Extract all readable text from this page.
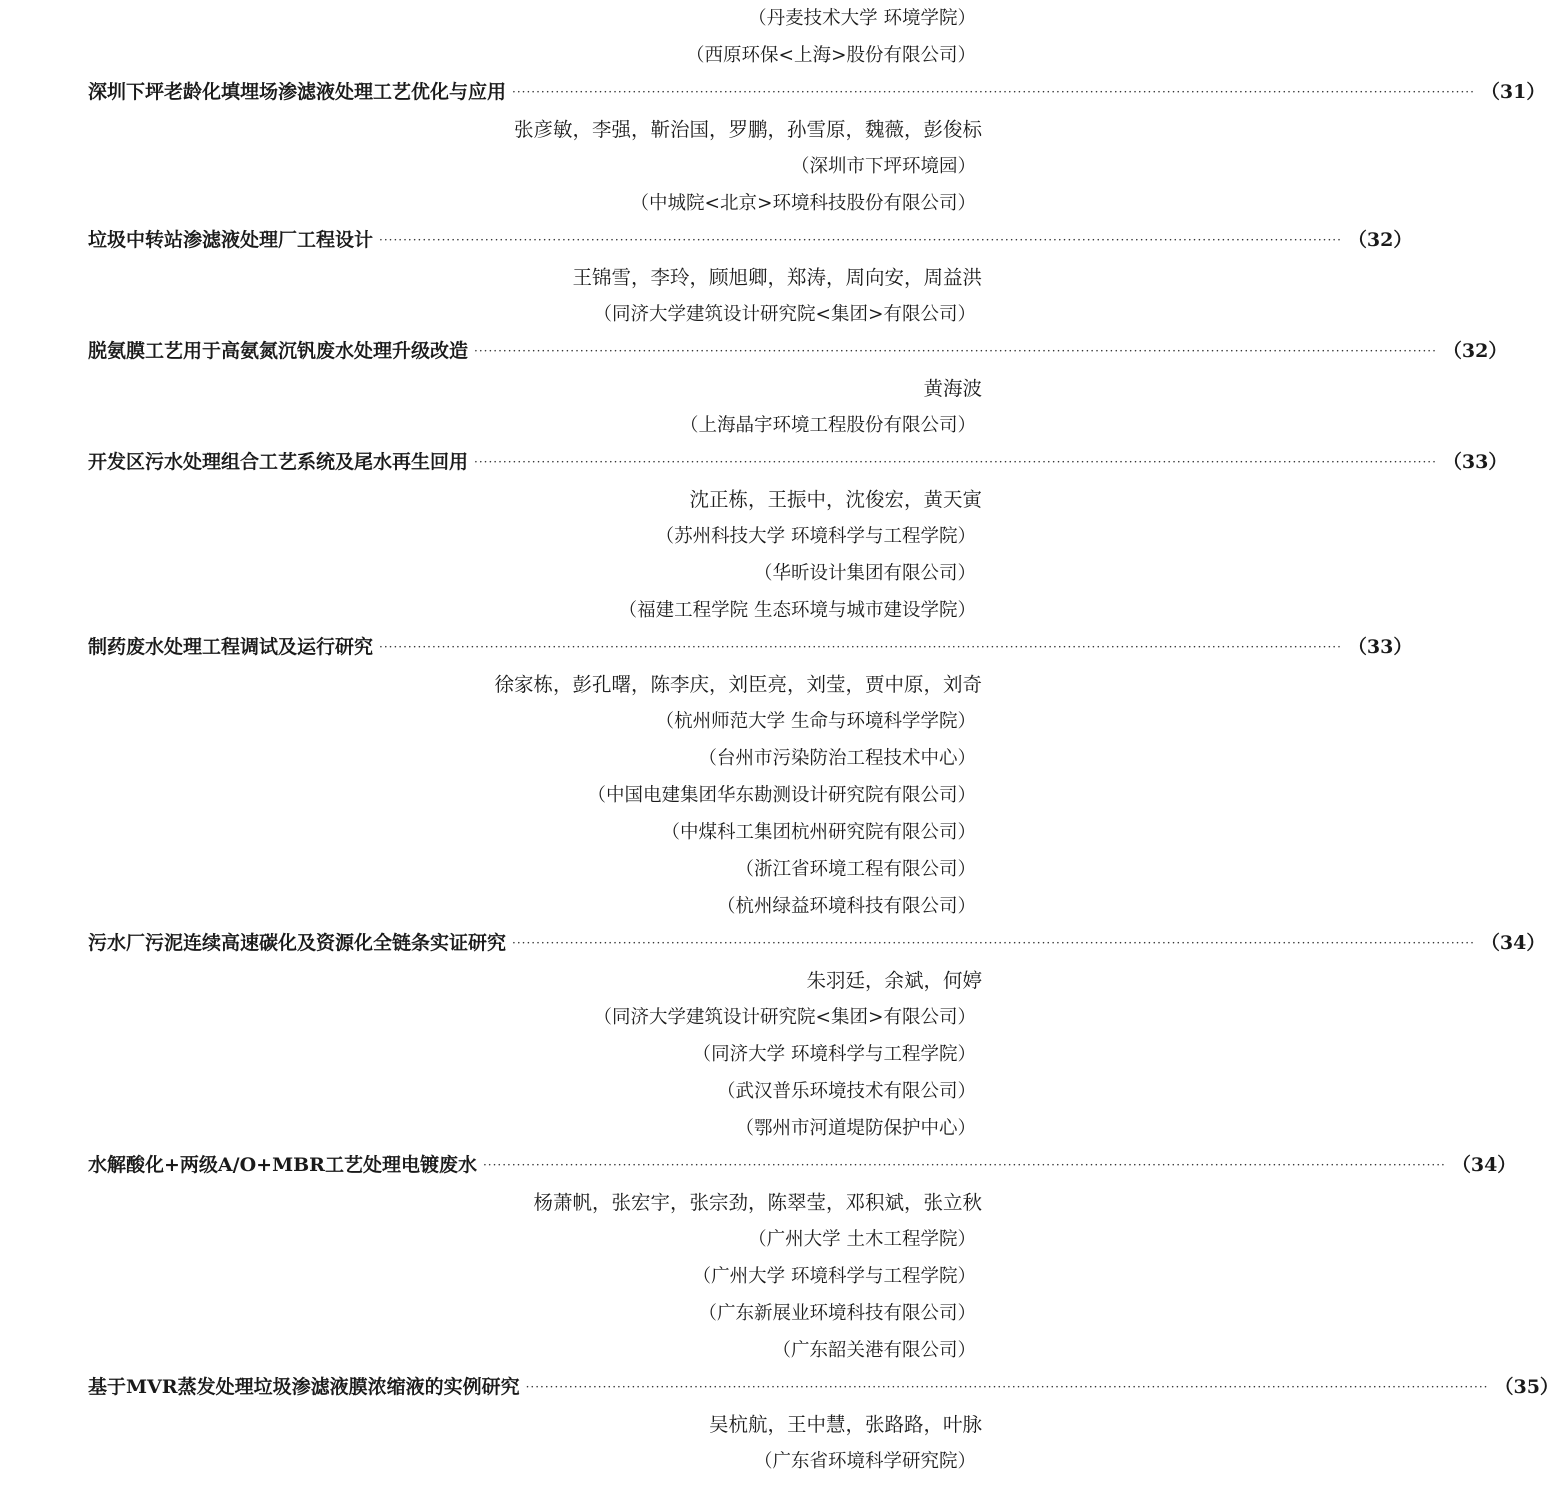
（丹麦技术大学 环境学院）
（西原环保<上海>股份有限公司）
深圳下坪老龄化填埋场渗滤液处理工艺优化与应用 ········································································································································································································ （31）
张彦敏，李强，靳治国，罗鹏，孙雪原，魏薇，彭俊标
（深圳市下坪环境园）
（中城院<北京>环境科技股份有限公司）
垃圾中转站渗滤液处理厂工程设计 ········································································································································································································ （32）
王锦雪，李玲，顾旭卿，郑涛，周向安，周益洪
（同济大学建筑设计研究院<集团>有限公司）
脱氨膜工艺用于高氨氮沉钒废水处理升级改造 ········································································································································································································ （32）
黄海波
（上海晶宇环境工程股份有限公司）
开发区污水处理组合工艺系统及尾水再生回用 ········································································································································································································ （33）
沈正栋，王振中，沈俊宏，黄天寅
（苏州科技大学 环境科学与工程学院）
（华昕设计集团有限公司）
（福建工程学院 生态环境与城市建设学院）
制药废水处理工程调试及运行研究 ········································································································································································································ （33）
徐家栋，彭孔曙，陈李庆，刘臣亮，刘莹，贾中原，刘奇
（杭州师范大学 生命与环境科学学院）
（台州市污染防治工程技术中心）
（中国电建集团华东勘测设计研究院有限公司）
（中煤科工集团杭州研究院有限公司）
（浙江省环境工程有限公司）
（杭州绿益环境科技有限公司）
污水厂污泥连续高速碳化及资源化全链条实证研究 ········································································································································································································ （34）
朱羽廷，余斌，何婷
（同济大学建筑设计研究院<集团>有限公司）
（同济大学 环境科学与工程学院）
（武汉普乐环境技术有限公司）
（鄂州市河道堤防保护中心）
水解酸化+两级A/O+MBR工艺处理电镀废水 ········································································································································································································ （34）
杨萧帆，张宏宇，张宗劲，陈翠莹，邓积斌，张立秋
（广州大学 土木工程学院）
（广州大学 环境科学与工程学院）
（广东新展业环境科技有限公司）
（广东韶关港有限公司）
基于MVR蒸发处理垃圾渗滤液膜浓缩液的实例研究 ········································································································································································································ （35）
吴杭航，王中慧，张路路，叶脉
（广东省环境科学研究院）
